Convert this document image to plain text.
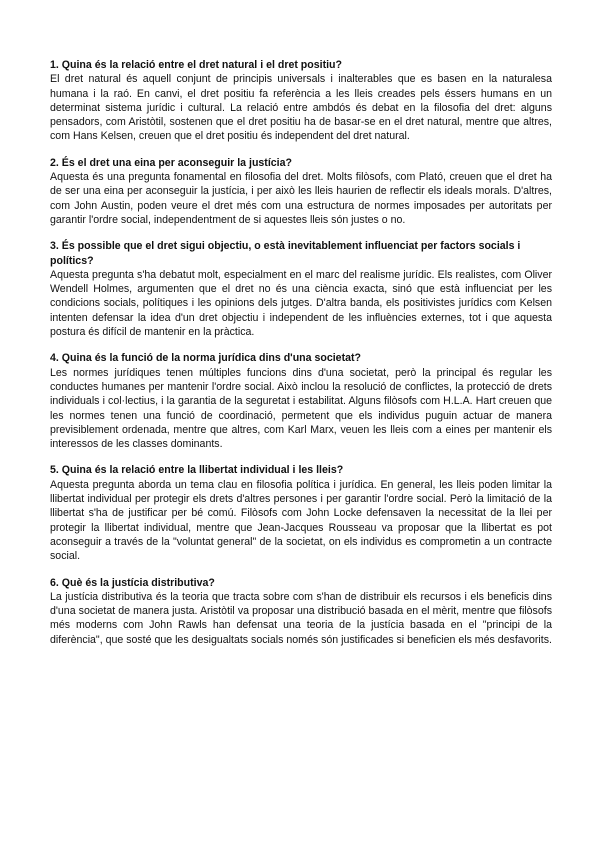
1. Quina és la relació entre el dret natural i el dret positiu?

El dret natural és aquell conjunt de principis universals i inalterables que es basen en la naturalesa humana i la raó. En canvi, el dret positiu fa referència a les lleis creades pels éssers humans en un determinat sistema jurídic i cultural. La relació entre ambdós és debat en la filosofia del dret: alguns pensadors, com Aristòtil, sostenen que el dret positiu ha de basar-se en el dret natural, mentre que altres, com Hans Kelsen, creuen que el dret positiu és independent del dret natural.

2. És el dret una eina per aconseguir la justícia?

Aquesta és una pregunta fonamental en filosofia del dret. Molts filòsofs, com Plató, creuen que el dret ha de ser una eina per aconseguir la justícia, i per això les lleis haurien de reflectir els ideals morals. D'altres, com John Austin, poden veure el dret més com una estructura de normes imposades per autoritats per garantir l'ordre social, independentment de si aquestes lleis són justes o no.

3. És possible que el dret sigui objectiu, o està inevitablement influenciat per factors socials i polítics?

Aquesta pregunta s'ha debatut molt, especialment en el marc del realisme jurídic. Els realistes, com Oliver Wendell Holmes, argumenten que el dret no és una ciència exacta, sinó que està influenciat per les condicions socials, polítiques i les opinions dels jutges. D'altra banda, els positivistes jurídics com Kelsen intenten defensar la idea d'un dret objectiu i independent de les influències externes, tot i que aquesta postura és difícil de mantenir en la pràctica.

4. Quina és la funció de la norma jurídica dins d'una societat?

Les normes jurídiques tenen múltiples funcions dins d'una societat, però la principal és regular les conductes humanes per mantenir l'ordre social. Això inclou la resolució de conflictes, la protecció de drets individuals i col·lectius, i la garantia de la seguretat i estabilitat. Alguns filòsofs com H.L.A. Hart creuen que les normes tenen una funció de coordinació, permetent que els individus puguin actuar de manera previsiblement ordenada, mentre que altres, com Karl Marx, veuen les lleis com a eines per mantenir els interessos de les classes dominants.

5. Quina és la relació entre la llibertat individual i les lleis?

Aquesta pregunta aborda un tema clau en filosofia política i jurídica. En general, les lleis poden limitar la llibertat individual per protegir els drets d'altres persones i per garantir l'ordre social. Però la limitació de la llibertat s'ha de justificar per bé comú. Filòsofs com John Locke defensaven la necessitat de la llei per protegir la llibertat individual, mentre que Jean-Jacques Rousseau va proposar que la llibertat es pot aconseguir a través de la "voluntat general" de la societat, on els individus es comprometin a un contracte social.

6. Què és la justícia distributiva?

La justícia distributiva és la teoria que tracta sobre com s'han de distribuir els recursos i els beneficis dins d'una societat de manera justa. Aristòtil va proposar una distribució basada en el mèrit, mentre que filòsofs més moderns com John Rawls han defensat una teoria de la justícia basada en el "principi de la diferència", que sosté que les desigualtats socials només són justificades si beneficien els més desfavorits.
